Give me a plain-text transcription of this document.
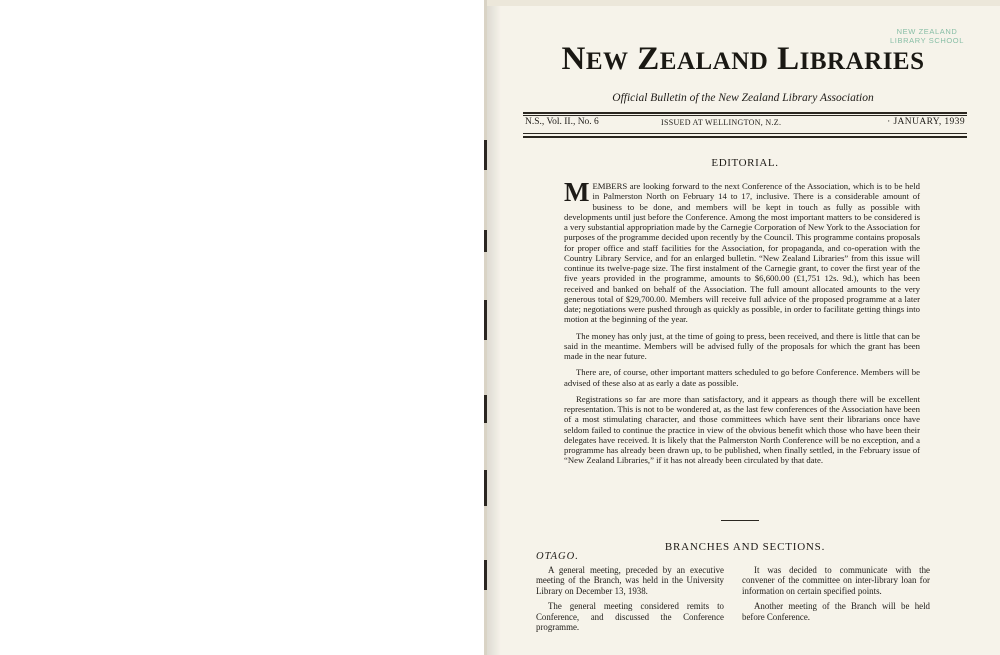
NEW ZEALAND
LIBRARY SCHOOL
NEW ZEALAND LIBRARIES
Official Bulletin of the New Zealand Library Association
N.S., Vol. II., No. 6	ISSUED AT WELLINGTON, N.Z.	· JANUARY, 1939
EDITORIAL.

MEMBERS are looking forward to the next Conference of the Association, which is to be held in Palmerston North on February 14 to 17, inclusive. There is a considerable amount of business to be done, and members will be kept in touch as fully as possible with developments until just before the Conference. Among the most important matters to be considered is a very substantial appropriation made by the Carnegie Corporation of New York to the Association for purposes of the programme decided upon recently by the Council. This programme contains proposals for proper office and staff facilities for the Association, for propaganda, and co-operation with the Country Library Service, and for an enlarged bulletin. “New Zealand Libraries” from this issue will continue its twelve-page size. The first instalment of the Carnegie grant, to cover the first year of the five years provided in the programme, amounts to $6,600.00 (£1,751 12s. 9d.), which has been received and banked on behalf of the Association. The full amount allocated amounts to the very generous total of $29,700.00. Members will receive full advice of the proposed programme at a later date; negotiations were pushed through as quickly as possible, in order to facilitate getting things into motion at the beginning of the year.

The money has only just, at the time of going to press, been received, and there is little that can be said in the meantime. Members will be advised fully of the proposals for which the grant has been made in the near future.

There are, of course, other important matters scheduled to go before Conference. Members will be advised of these also at as early a date as possible.

Registrations so far are more than satisfactory, and it appears as though there will be excellent representation. This is not to be wondered at, as the last few conferences of the Association have been of a most stimulating character, and those committees which have sent their librarians once have seldom failed to continue the practice in view of the obvious benefit which those who have been their delegates have received. It is likely that the Palmerston North Conference will be no exception, and a programme has already been drawn up, to be published, when finally settled, in the February issue of “New Zealand Libraries,” if it has not already been circulated by that date.

BRANCHES AND SECTIONS.
OTAGO.

A general meeting, preceded by an executive meeting of the Branch, was held in the University Library on December 13, 1938.

The general meeting considered remits to Conference, and discussed the Conference programme.

It was decided to communicate with the convener of the committee on inter-library loan for information on certain specified points.

Another meeting of the Branch will be held before Conference.
